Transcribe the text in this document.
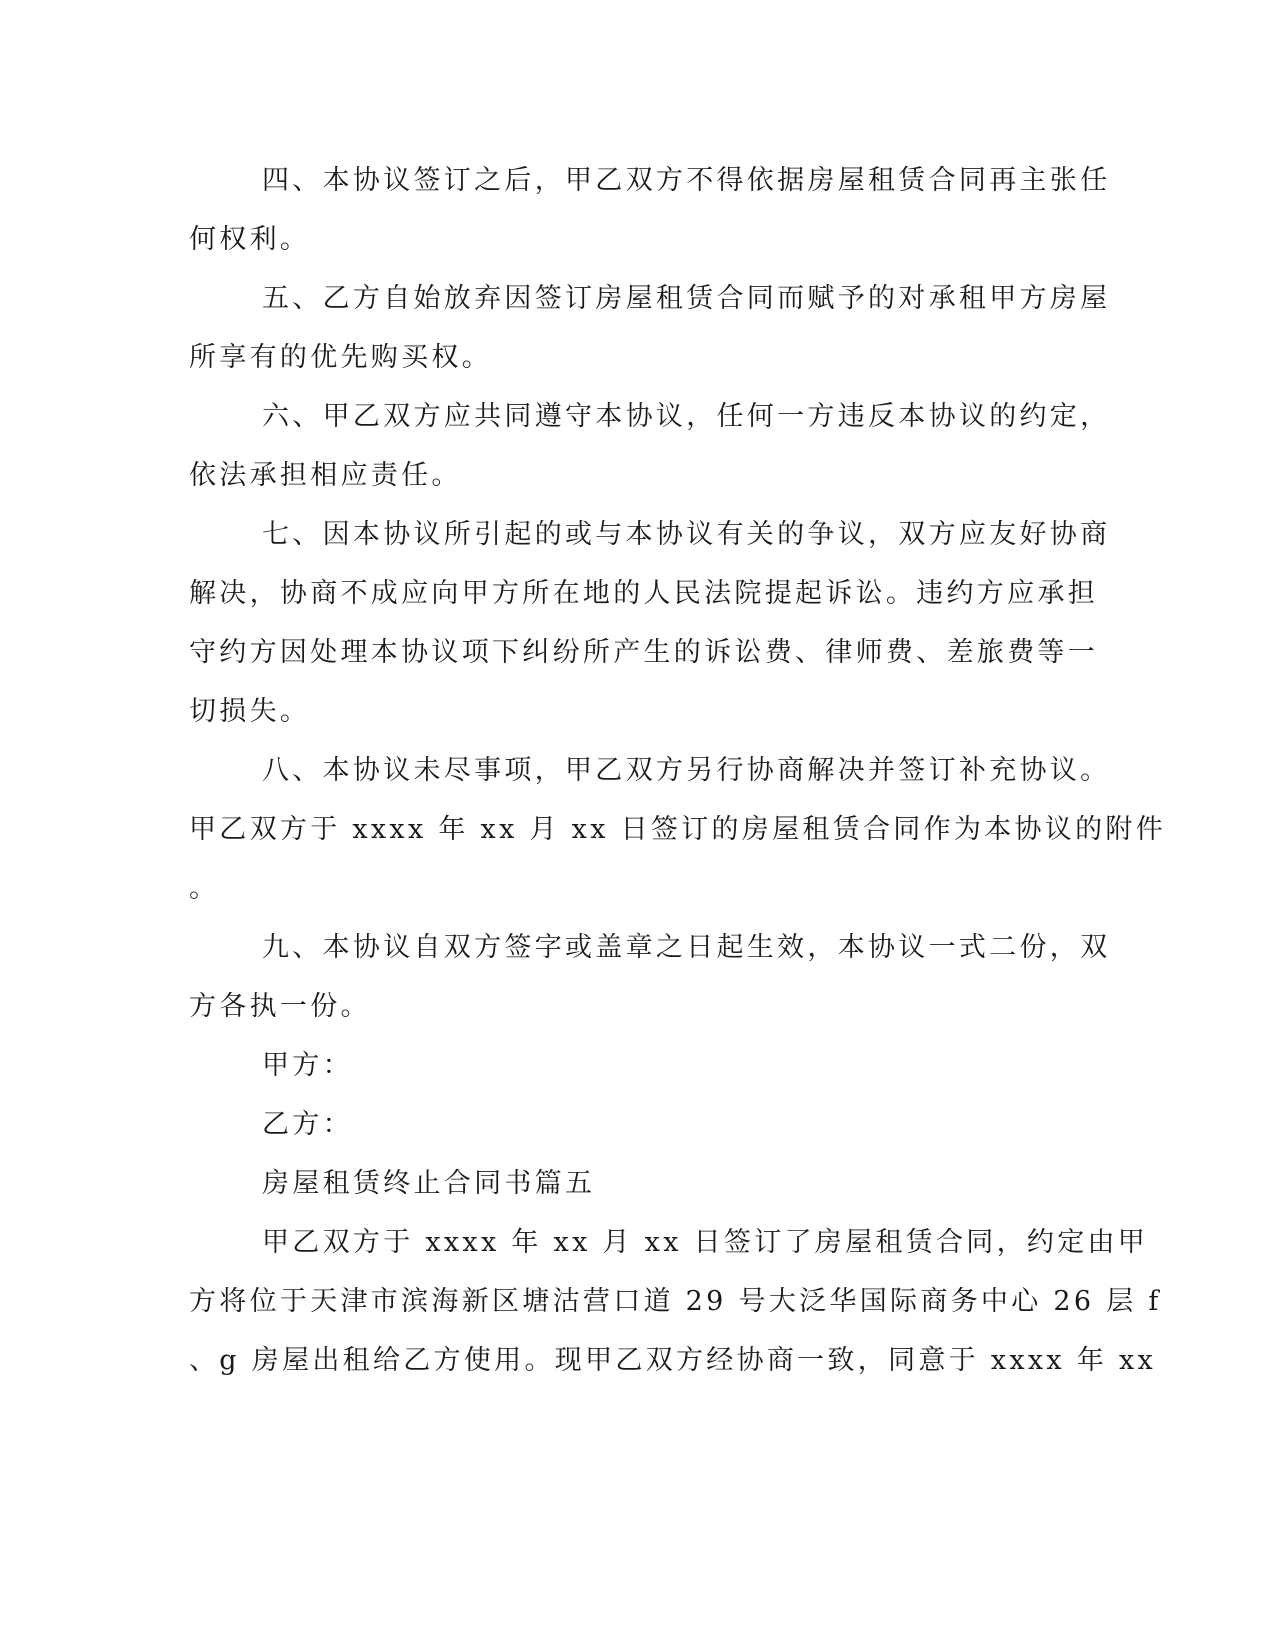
四、本协议签订之后，甲乙双方不得依据房屋租赁合同再主张任
何权利。
五、乙方自始放弃因签订房屋租赁合同而赋予的对承租甲方房屋
所享有的优先购买权。
六、甲乙双方应共同遵守本协议，任何一方违反本协议的约定，
依法承担相应责任。
七、因本协议所引起的或与本协议有关的争议，双方应友好协商
解决，协商不成应向甲方所在地的人民法院提起诉讼。违约方应承担
守约方因处理本协议项下纠纷所产生的诉讼费、律师费、差旅费等一
切损失。
八、本协议未尽事项，甲乙双方另行协商解决并签订补充协议。
甲乙双方于 xxxx 年 xx 月 xx 日签订的房屋租赁合同作为本协议的附件
。
九、本协议自双方签字或盖章之日起生效，本协议一式二份，双
方各执一份。
甲方：
乙方：
房屋租赁终止合同书篇五
甲乙双方于 xxxx 年 xx 月 xx 日签订了房屋租赁合同，约定由甲
方将位于天津市滨海新区塘沽营口道 29 号大泛华国际商务中心 26 层 f
、g 房屋出租给乙方使用。现甲乙双方经协商一致，同意于 xxxx 年 xx
